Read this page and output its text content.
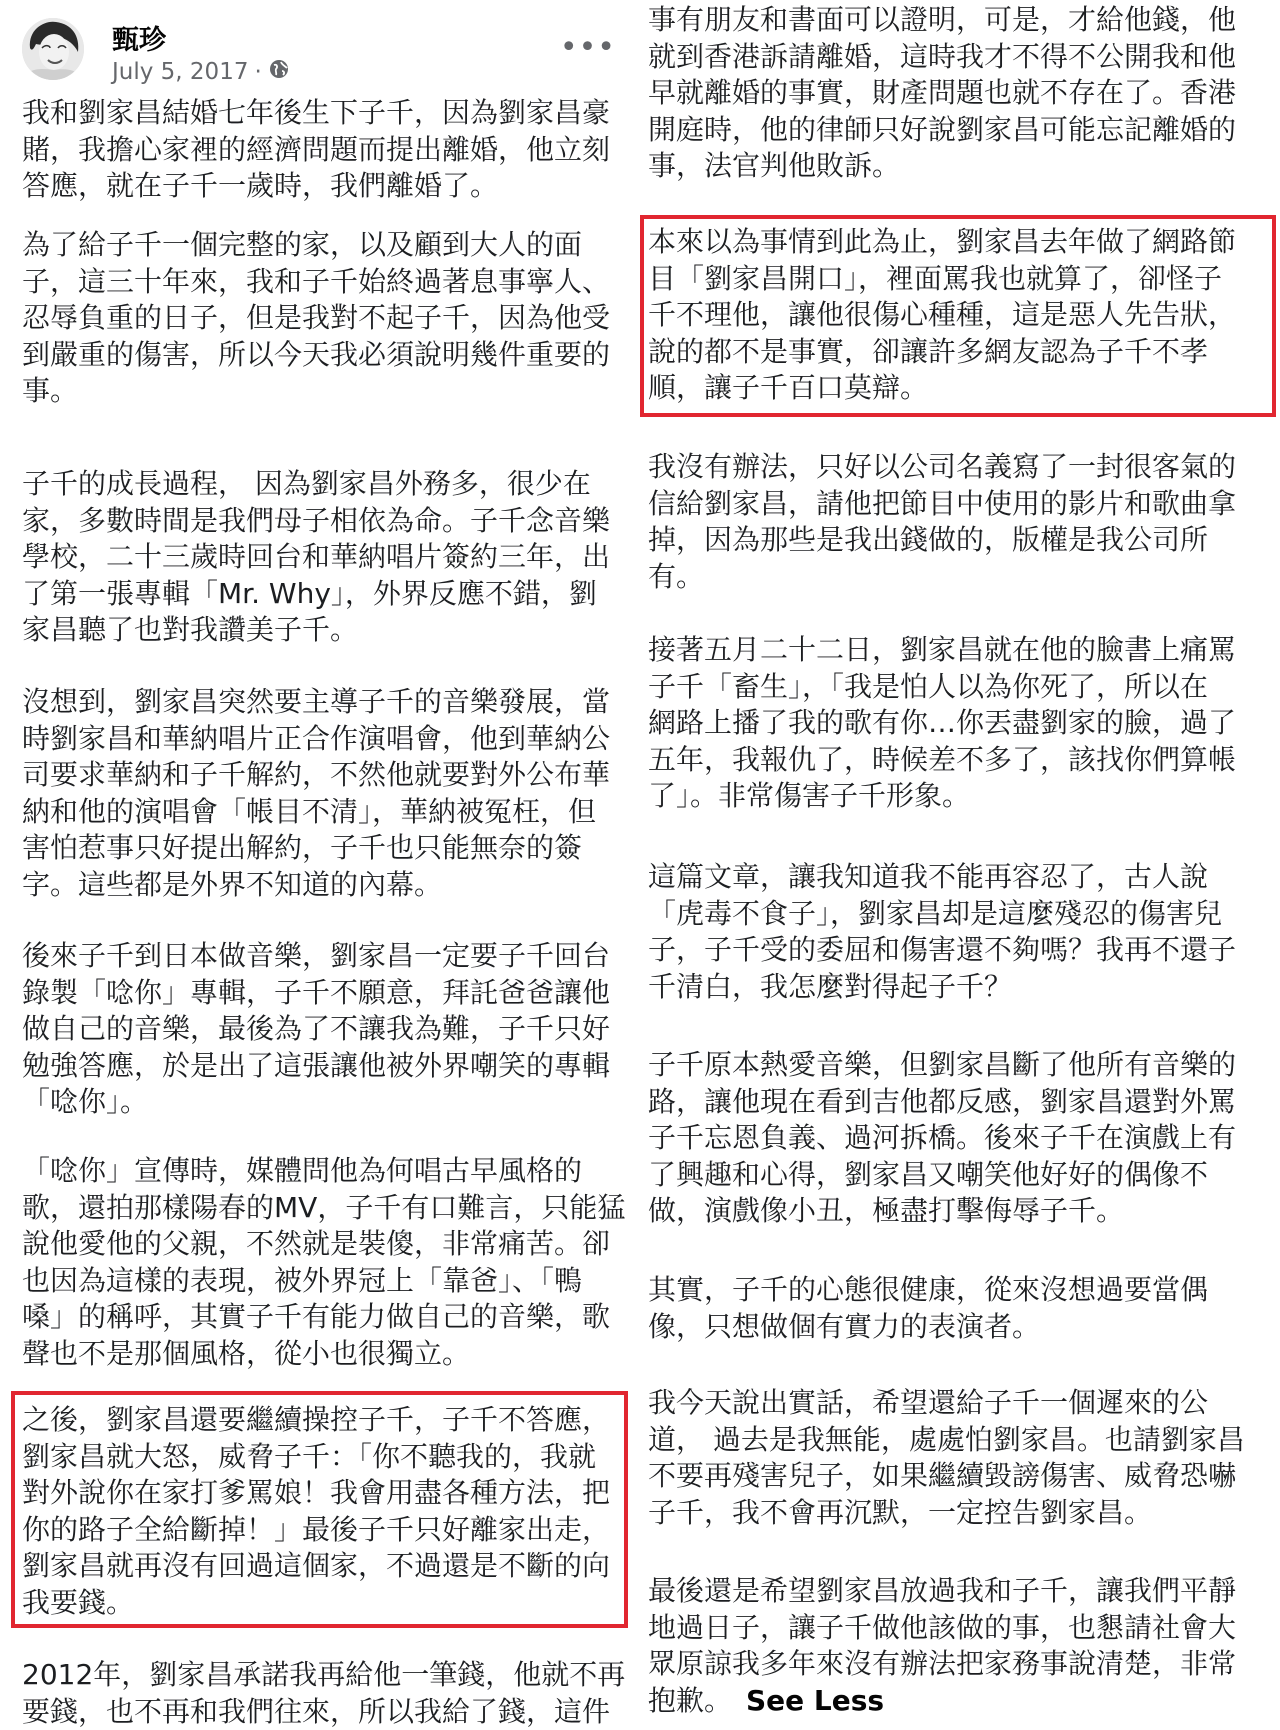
甄珍
July 5, 2017 ·
•••

我和劉家昌結婚七年後生下子千，因為劉家昌豪
賭，我擔心家裡的經濟問題而提出離婚，他立刻
答應，就在子千一歲時，我們離婚了。

為了給子千一個完整的家，以及顧到大人的面
子，這三十年來，我和子千始終過著息事寧人、
忍辱負重的日子，但是我對不起子千，因為他受
到嚴重的傷害，所以今天我必須說明幾件重要的
事。

子千的成長過程， 因為劉家昌外務多，很少在
家，多數時間是我們母子相依為命。子千念音樂
學校，二十三歲時回台和華納唱片簽約三年，出
了第一張專輯「Mr. Why」，外界反應不錯，劉
家昌聽了也對我讚美子千。

沒想到，劉家昌突然要主導子千的音樂發展，當
時劉家昌和華納唱片正合作演唱會，他到華納公
司要求華納和子千解約，不然他就要對外公布華
納和他的演唱會「帳目不清」，華納被冤枉，但
害怕惹事只好提出解約，子千也只能無奈的簽
字。這些都是外界不知道的內幕。

後來子千到日本做音樂，劉家昌一定要子千回台
錄製「唸你」專輯，子千不願意，拜託爸爸讓他
做自己的音樂，最後為了不讓我為難，子千只好
勉強答應，於是出了這張讓他被外界嘲笑的專輯
「唸你」。

「唸你」宣傳時，媒體問他為何唱古早風格的
歌，還拍那樣陽春的MV，子千有口難言，只能猛
說他愛他的父親，不然就是裝傻，非常痛苦。卻
也因為這樣的表現，被外界冠上「靠爸」、「鴨
嗓」的稱呼，其實子千有能力做自己的音樂，歌
聲也不是那個風格，從小也很獨立。

之後，劉家昌還要繼續操控子千，子千不答應，
劉家昌就大怒，威脅子千：「你不聽我的，我就
對外說你在家打爹罵娘！我會用盡各種方法，把
你的路子全給斷掉！」最後子千只好離家出走，
劉家昌就再沒有回過這個家，不過還是不斷的向
我要錢。

2012年，劉家昌承諾我再給他一筆錢，他就不再
要錢，也不再和我們往來，所以我給了錢，這件

事有朋友和書面可以證明，可是，才給他錢，他
就到香港訴請離婚，這時我才不得不公開我和他
早就離婚的事實，財產問題也就不存在了。香港
開庭時，他的律師只好說劉家昌可能忘記離婚的
事，法官判他敗訴。

本來以為事情到此為止，劉家昌去年做了網路節
目「劉家昌開口」，裡面罵我也就算了，卻怪子
千不理他，讓他很傷心種種，這是惡人先告狀，
說的都不是事實，卻讓許多網友認為子千不孝
順，讓子千百口莫辯。

我沒有辦法，只好以公司名義寫了一封很客氣的
信給劉家昌，請他把節目中使用的影片和歌曲拿
掉，因為那些是我出錢做的，版權是我公司所
有。

接著五月二十二日，劉家昌就在他的臉書上痛罵
子千「畜生」，「我是怕人以為你死了，所以在
網路上播了我的歌有你…你丟盡劉家的臉，過了
五年，我報仇了，時候差不多了，該找你們算帳
了」。非常傷害子千形象。

這篇文章，讓我知道我不能再容忍了，古人說
「虎毒不食子」，劉家昌却是這麼殘忍的傷害兒
子，子千受的委屈和傷害還不夠嗎？我再不還子
千清白，我怎麼對得起子千？

子千原本熱愛音樂，但劉家昌斷了他所有音樂的
路，讓他現在看到吉他都反感，劉家昌還對外罵
子千忘恩負義、過河拆橋。後來子千在演戲上有
了興趣和心得，劉家昌又嘲笑他好好的偶像不
做，演戲像小丑，極盡打擊侮辱子千。

其實，子千的心態很健康，從來沒想過要當偶
像，只想做個有實力的表演者。

我今天說出實話，希望還給子千一個遲來的公
道， 過去是我無能，處處怕劉家昌。也請劉家昌
不要再殘害兒子，如果繼續毀謗傷害、威脅恐嚇
子千，我不會再沉默，一定控告劉家昌。

最後還是希望劉家昌放過我和子千，讓我們平靜
地過日子，讓子千做他該做的事，也懇請社會大
眾原諒我多年來沒有辦法把家務事說清楚，非常
抱歉。 See Less
